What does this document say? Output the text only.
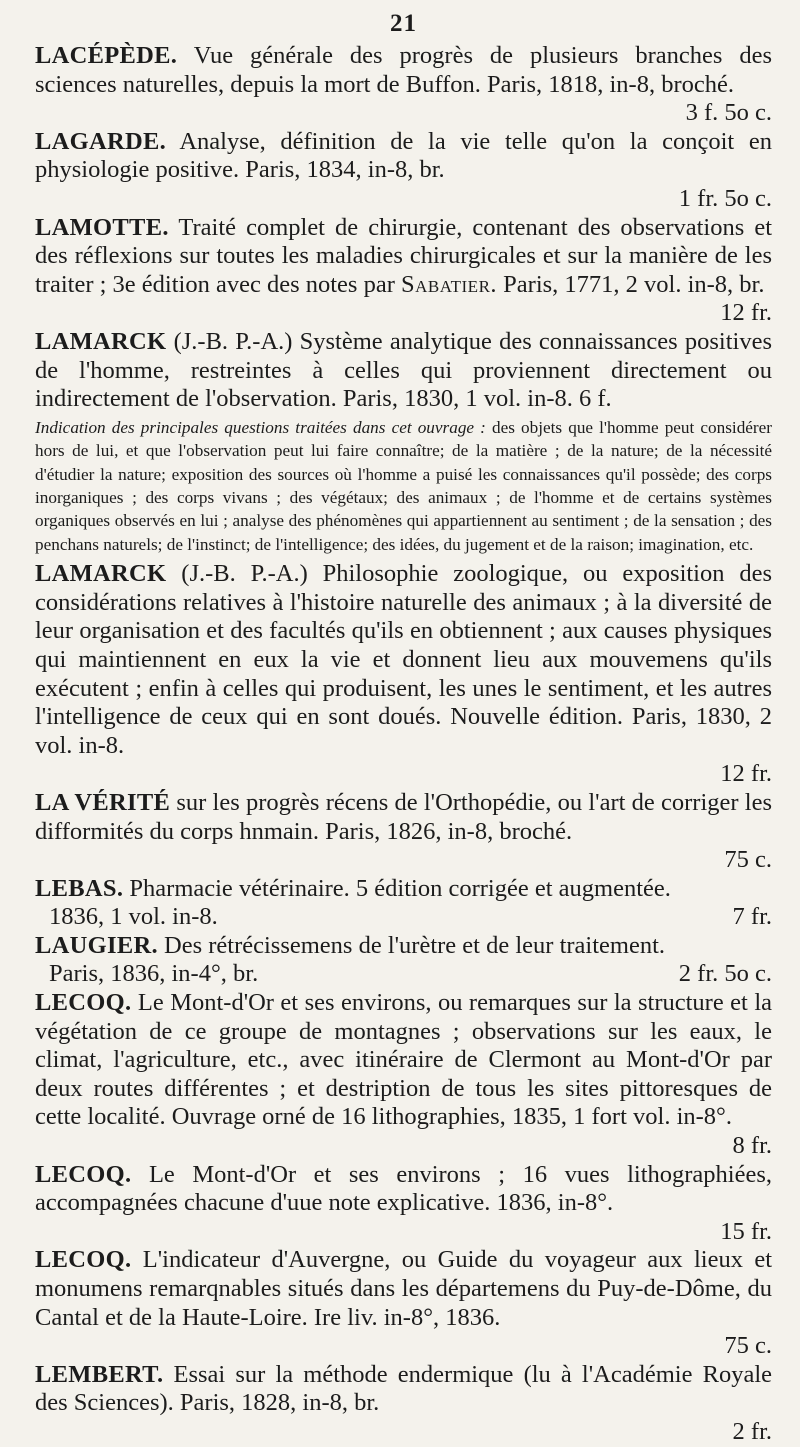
21
LACÉPÈDE. Vue générale des progrès de plusieurs branches des sciences naturelles, depuis la mort de Buffon. Paris, 1818, in-8, broché.
3 f. 5o c.
LAGARDE. Analyse, définition de la vie telle qu'on la conçoit en physiologie positive. Paris, 1834, in-8, br.
1 fr. 5o c.
LAMOTTE. Traité complet de chirurgie, contenant des observations et des réflexions sur toutes les maladies chirurgicales et sur la manière de les traiter ; 3e édition avec des notes par Sabatier. Paris, 1771, 2 vol. in-8, br.
12 fr.
LAMARCK (J.-B. P.-A.) Système analytique des connaissances positives de l'homme, restreintes à celles qui proviennent directement ou indirectement de l'observation. Paris, 1830, 1 vol. in-8. 6 f.
Indication des principales questions traitées dans cet ouvrage : des objets que l'homme peut considérer hors de lui, et que l'observation peut lui faire connaître; de la matière ; de la nature; de la nécessité d'étudier la nature; exposition des sources où l'homme a puisé les connaissances qu'il possède; des corps inorganiques ; des corps vivans ; des végétaux; des animaux ; de l'homme et de certains systèmes organiques observés en lui ; analyse des phénomènes qui appartiennent au sentiment ; de la sensation ; des penchans naturels; de l'instinct; de l'intelligence; des idées, du jugement et de la raison; imagination, etc.
LAMARCK (J.-B. P.-A.) Philosophie zoologique, ou exposition des considérations relatives à l'histoire naturelle des animaux ; à la diversité de leur organisation et des facultés qu'ils en obtiennent ; aux causes physiques qui maintiennent en eux la vie et donnent lieu aux mouvemens qu'ils exécutent ; enfin à celles qui produisent, les unes le sentiment, et les autres l'intelligence de ceux qui en sont doués. Nouvelle édition. Paris, 1830, 2 vol. in-8.
12 fr.
LA VÉRITÉ sur les progrès récens de l'Orthopédie, ou l'art de corriger les difformités du corps hnmain. Paris, 1826, in-8, broché.
75 c.
LEBAS. Pharmacie vétérinaire. 5 édition corrigée et augmentée.
1836, 1 vol. in-8.	7 fr.
LAUGIER. Des rétrécissemens de l'urètre et de leur traitement.
Paris, 1836, in-4°, br.	2 fr. 5o c.
LECOQ. Le Mont-d'Or et ses environs, ou remarques sur la structure et la végétation de ce groupe de montagnes ; observations sur les eaux, le climat, l'agriculture, etc., avec itinéraire de Clermont au Mont-d'Or par deux routes différentes ; et destription de tous les sites pittoresques de cette localité. Ouvrage orné de 16 lithographies, 1835, 1 fort vol. in-8°.
8 fr.
LECOQ. Le Mont-d'Or et ses environs ; 16 vues lithographiées, accompagnées chacune d'uue note explicative. 1836, in-8°.
15 fr.
LECOQ. L'indicateur d'Auvergne, ou Guide du voyageur aux lieux et monumens remarqnables situés dans les départemens du Puy-de-Dôme, du Cantal et de la Haute-Loire. Ire liv. in-8°, 1836.
75 c.
LEMBERT. Essai sur la méthode endermique (lu à l'Académie Royale des Sciences). Paris, 1828, in-8, br.
2 fr.
